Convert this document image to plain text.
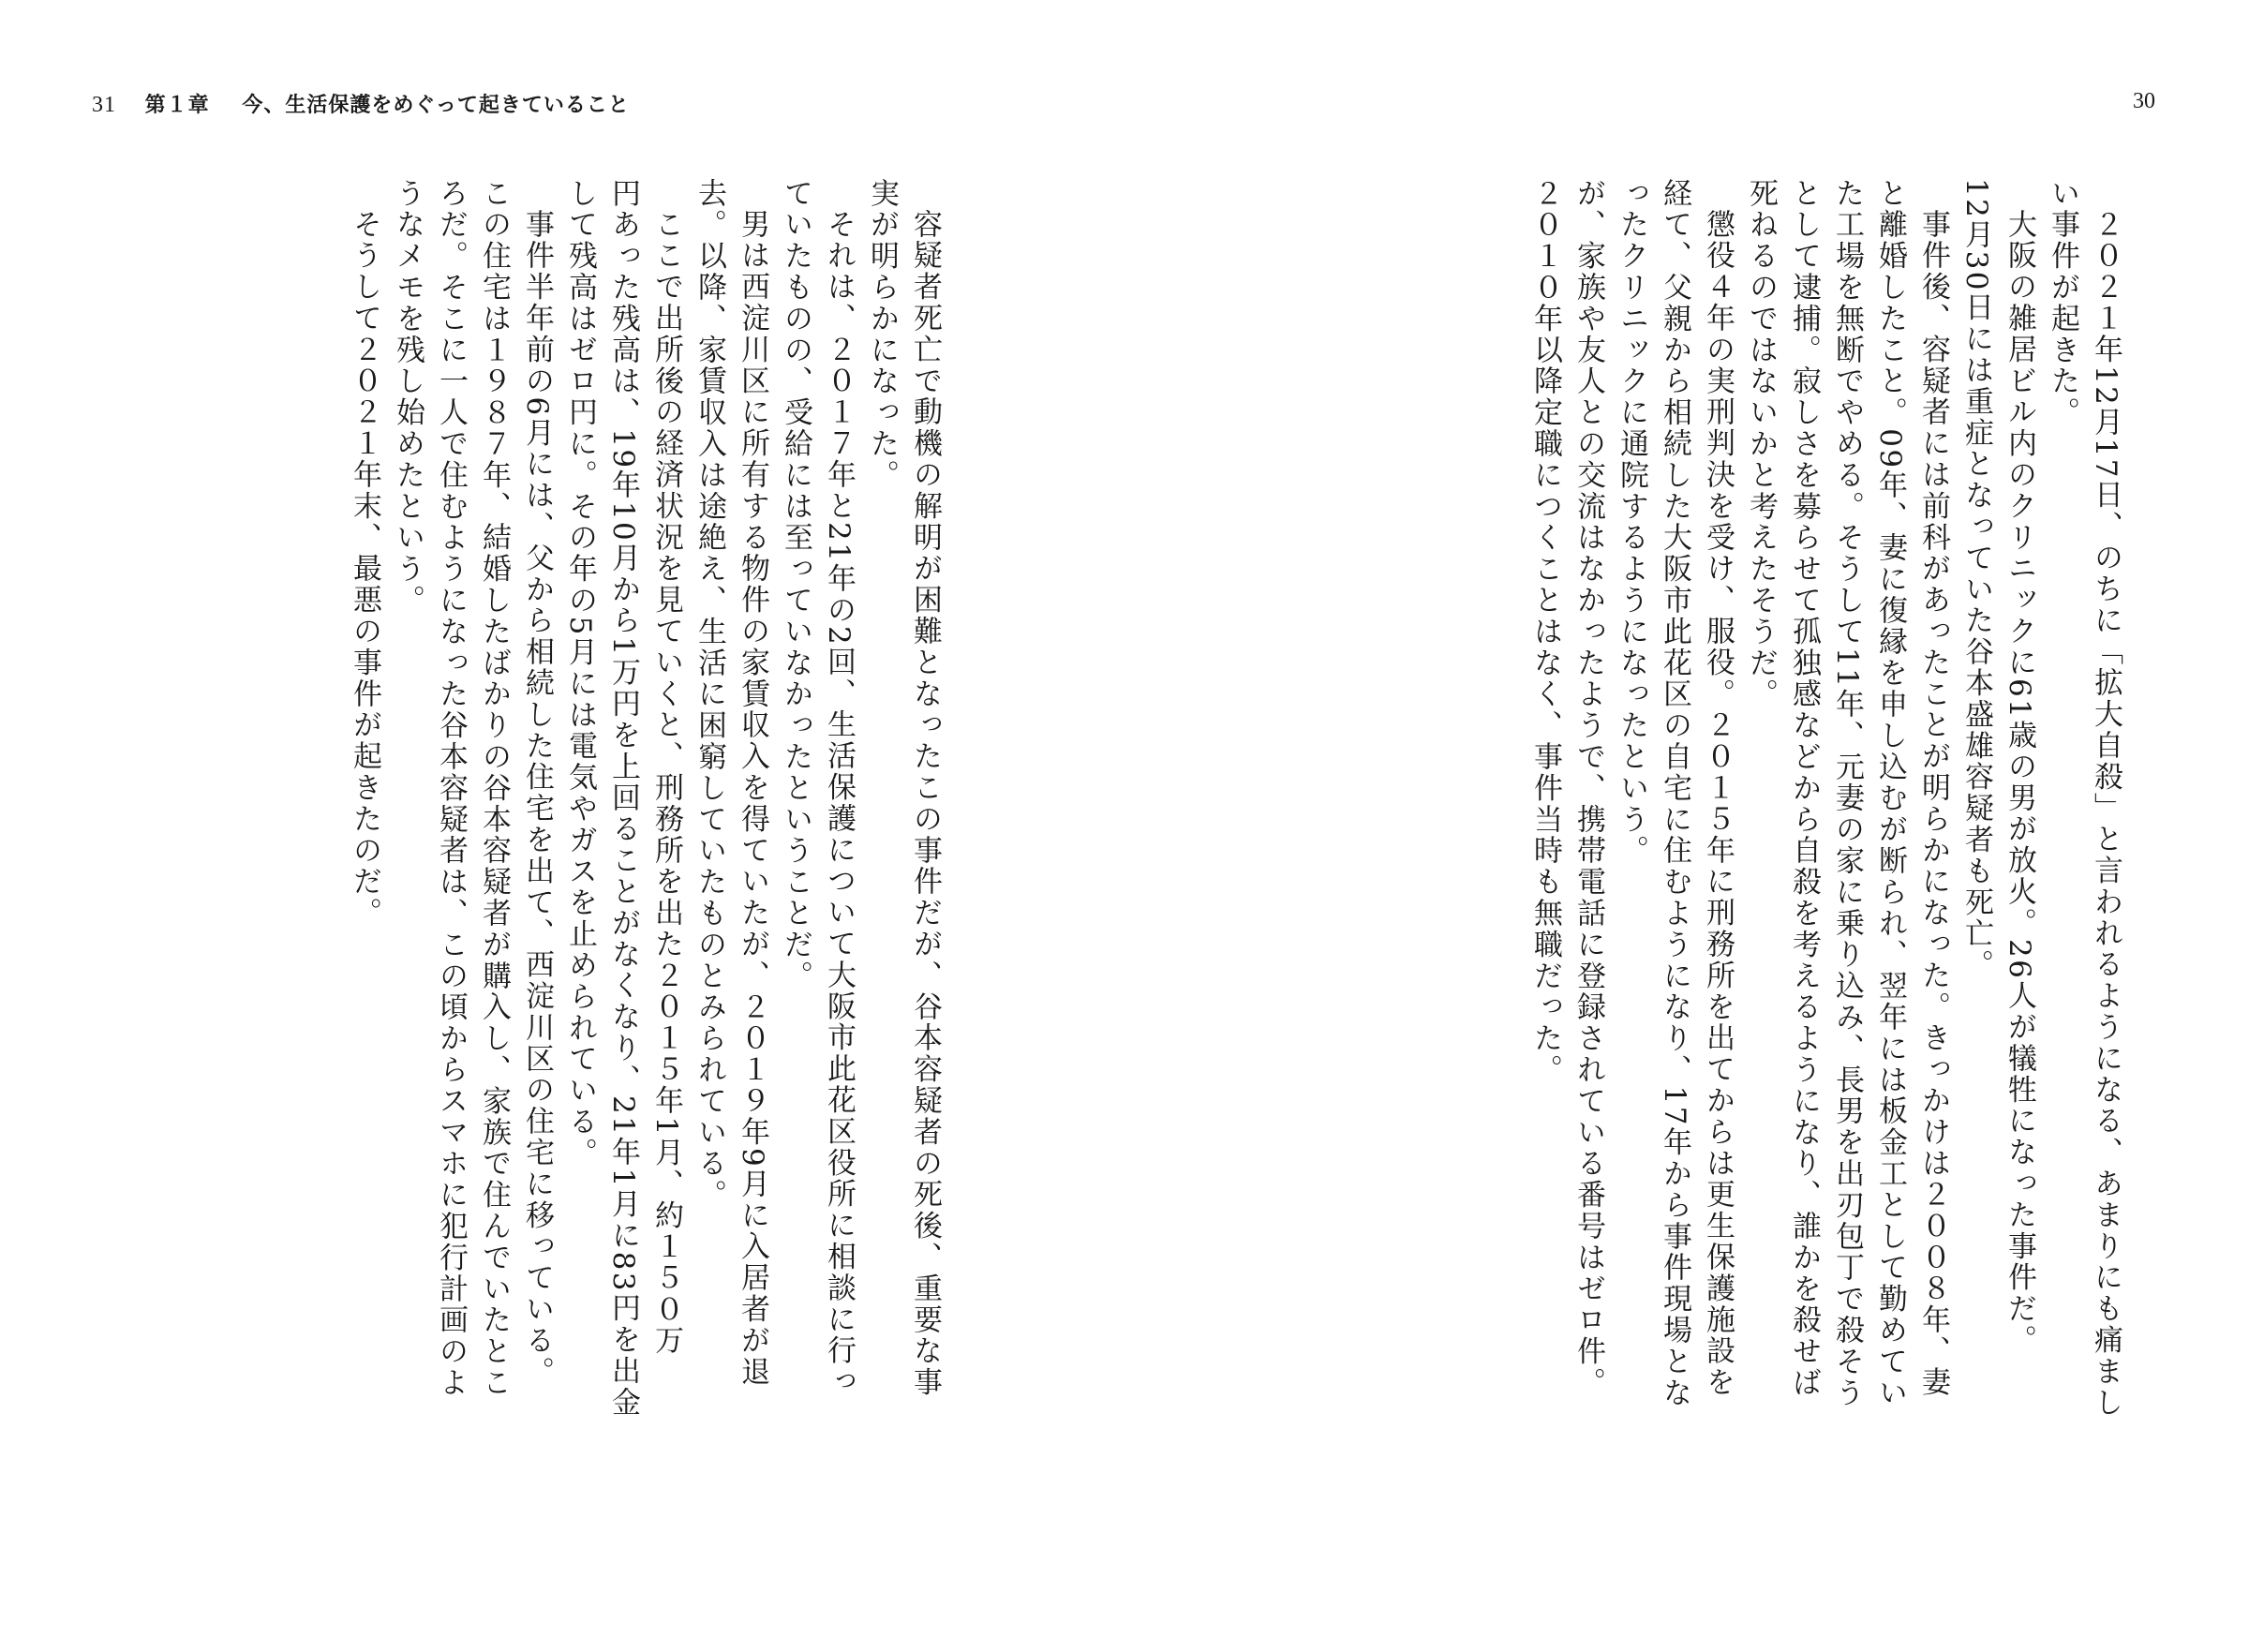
31 第１章 今、生活保護をめぐって起きていること	30
２０２１年12月17日、のちに「拡大自殺」と言われるようになる、あまりにも痛まし
い事件が起きた。
大阪の雑居ビル内のクリニックに61歳の男が放火。26人が犠牲になった事件だ。
12月30日には重症となっていた谷本盛雄容疑者も死亡。
事件後、容疑者には前科があったことが明らかになった。きっかけは２００８年、妻
と離婚したこと。09年、妻に復縁を申し込むが断られ、翌年には板金工として勤めてい
た工場を無断でやめる。そうして11年、元妻の家に乗り込み、長男を出刃包丁で殺そう
として逮捕。寂しさを募らせて孤独感などから自殺を考えるようになり、誰かを殺せば
死ねるのではないかと考えたそうだ。
懲役４年の実刑判決を受け、服役。２０１５年に刑務所を出てからは更生保護施設を
経て、父親から相続した大阪市此花区の自宅に住むようになり、17年から事件現場とな
ったクリニックに通院するようになったという。
が、家族や友人との交流はなかったようで、携帯電話に登録されている番号はゼロ件。
２０１０年以降定職につくことはなく、事件当時も無職だった。
容疑者死亡で動機の解明が困難となったこの事件だが、谷本容疑者の死後、重要な事
実が明らかになった。
それは、２０１７年と21年の2回、生活保護について大阪市此花区役所に相談に行っ
ていたものの、受給には至っていなかったということだ。
男は西淀川区に所有する物件の家賃収入を得ていたが、２０１９年9月に入居者が退
去。以降、家賃収入は途絶え、生活に困窮していたものとみられている。
ここで出所後の経済状況を見ていくと、刑務所を出た２０１５年1月、約１５０万
円あった残高は、19年10月から1万円を上回ることがなくなり、21年1月に83円を出金
して残高はゼロ円に。その年の5月には電気やガスを止められている。
事件半年前の6月には、父から相続した住宅を出て、西淀川区の住宅に移っている。
この住宅は１９８７年、結婚したばかりの谷本容疑者が購入し、家族で住んでいたとこ
ろだ。そこに一人で住むようになった谷本容疑者は、この頃からスマホに犯行計画のよ
うなメモを残し始めたという。
そうして２０２１年末、最悪の事件が起きたのだ。
